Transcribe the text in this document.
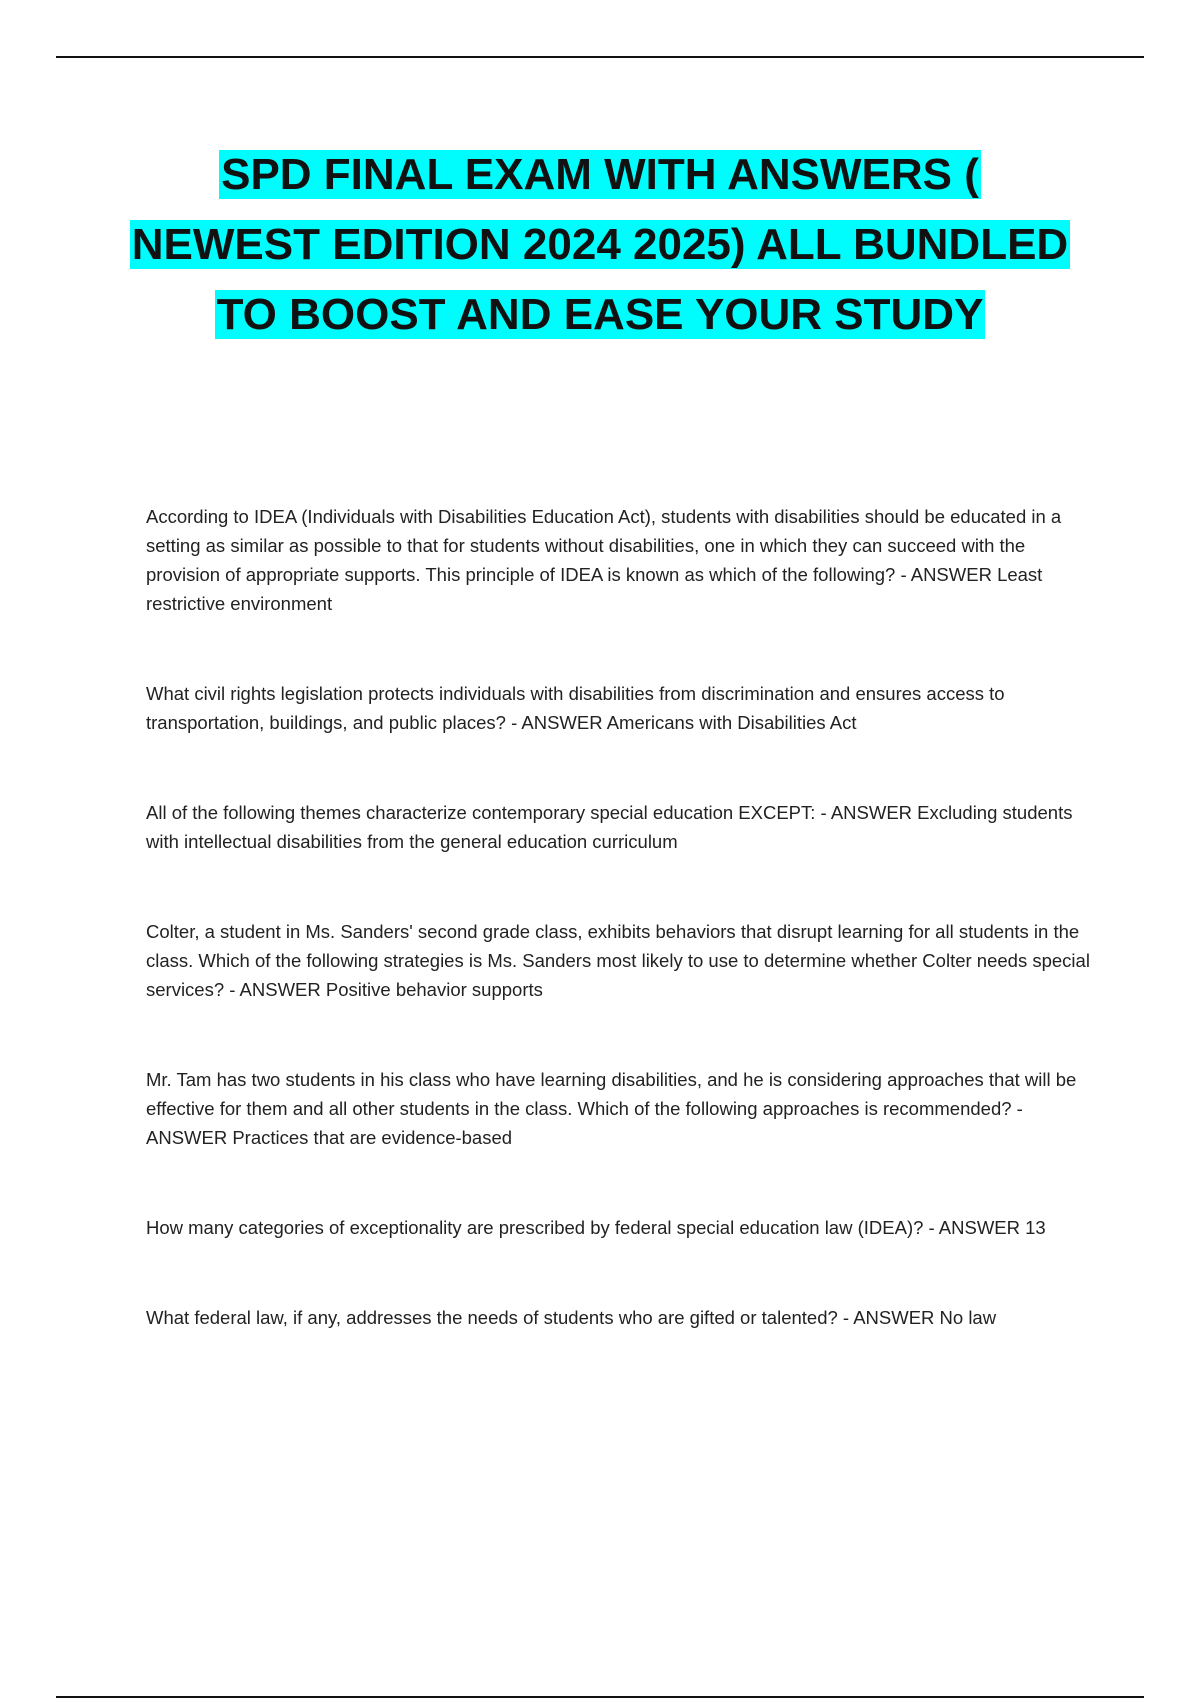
SPD FINAL EXAM WITH ANSWERS (
NEWEST EDITION 2024 2025) ALL BUNDLED
TO BOOST AND EASE YOUR STUDY
According to IDEA (Individuals with Disabilities Education Act), students with disabilities should be educated in a setting as similar as possible to that for students without disabilities, one in which they can succeed with the provision of appropriate supports. This principle of IDEA is known as which of the following? - ANSWER Least restrictive environment
What civil rights legislation protects individuals with disabilities from discrimination and ensures access to transportation, buildings, and public places? - ANSWER Americans with Disabilities Act
All of the following themes characterize contemporary special education EXCEPT: - ANSWER Excluding students with intellectual disabilities from the general education curriculum
Colter, a student in Ms. Sanders' second grade class, exhibits behaviors that disrupt learning for all students in the class. Which of the following strategies is Ms. Sanders most likely to use to determine whether Colter needs special services? - ANSWER Positive behavior supports
Mr. Tam has two students in his class who have learning disabilities, and he is considering approaches that will be effective for them and all other students in the class. Which of the following approaches is recommended? - ANSWER Practices that are evidence-based
How many categories of exceptionality are prescribed by federal special education law (IDEA)? - ANSWER 13
What federal law, if any, addresses the needs of students who are gifted or talented? - ANSWER No law
